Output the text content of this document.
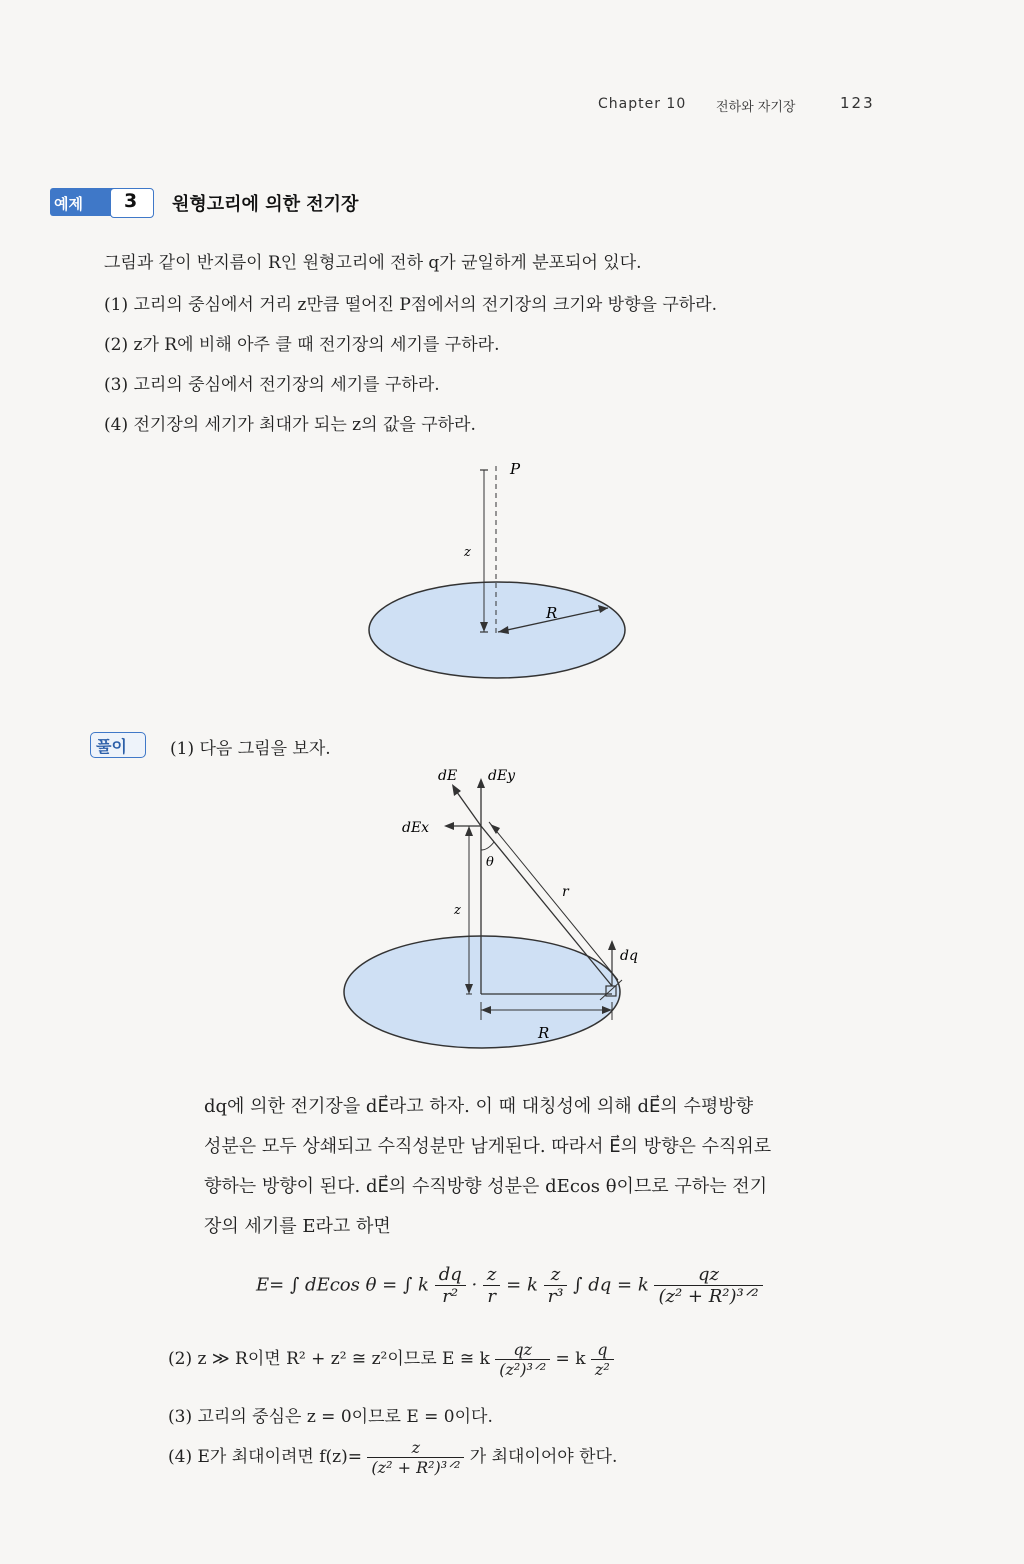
Chapter 10 전하와 자기장	123
예제 3 원형고리에 의한 전기장
그림과 같이 반지름이 R인 원형고리에 전하 q가 균일하게 분포되어 있다.
(1) 고리의 중심에서 거리 z만큼 떨어진 P점에서의 전기장의 크기와 방향을 구하라.
(2) z가 R에 비해 아주 클 때 전기장의 세기를 구하라.
(3) 고리의 중심에서 전기장의 세기를 구하라.
(4) 전기장의 세기가 최대가 되는 z의 값을 구하라.
P
z
R
풀이	(1) 다음 그림을 보자.
dE dEy
dEx
θ
r
z
dq
R
dq에 의한 전기장을 dE⃗라고 하자. 이 때 대칭성에 의해 dE⃗의 수평방향
성분은 모두 상쇄되고 수직성분만 남게된다. 따라서 E⃗의 방향은 수직위로
향하는 방향이 된다. dE⃗의 수직방향 성분은 dEcos θ이므로 구하는 전기
장의 세기를 E라고 하면
E= ∫ dEcos θ = ∫ k $\frac{dq}{\text{r²}} \cdot \frac{z}{r} = k \frac{z}{\text{r³}}$ ∫ dq = k $\frac{qz}{\text{(z² + R²)³ᐟ²}}$
(2) z ≫ R이면 R² + z² ≅ z²이므로 E ≅ k $\frac{qz}{\text{(z²)³ᐟ²}} = k \frac{q}{\text{z²}}$
(3) 고리의 중심은 z = 0이므로 E = 0이다.
(4) E가 최대이려면 $f(z)= \frac{z}{\text{(z² + R²)³ᐟ²}}$ 가 최대이어야 한다.
